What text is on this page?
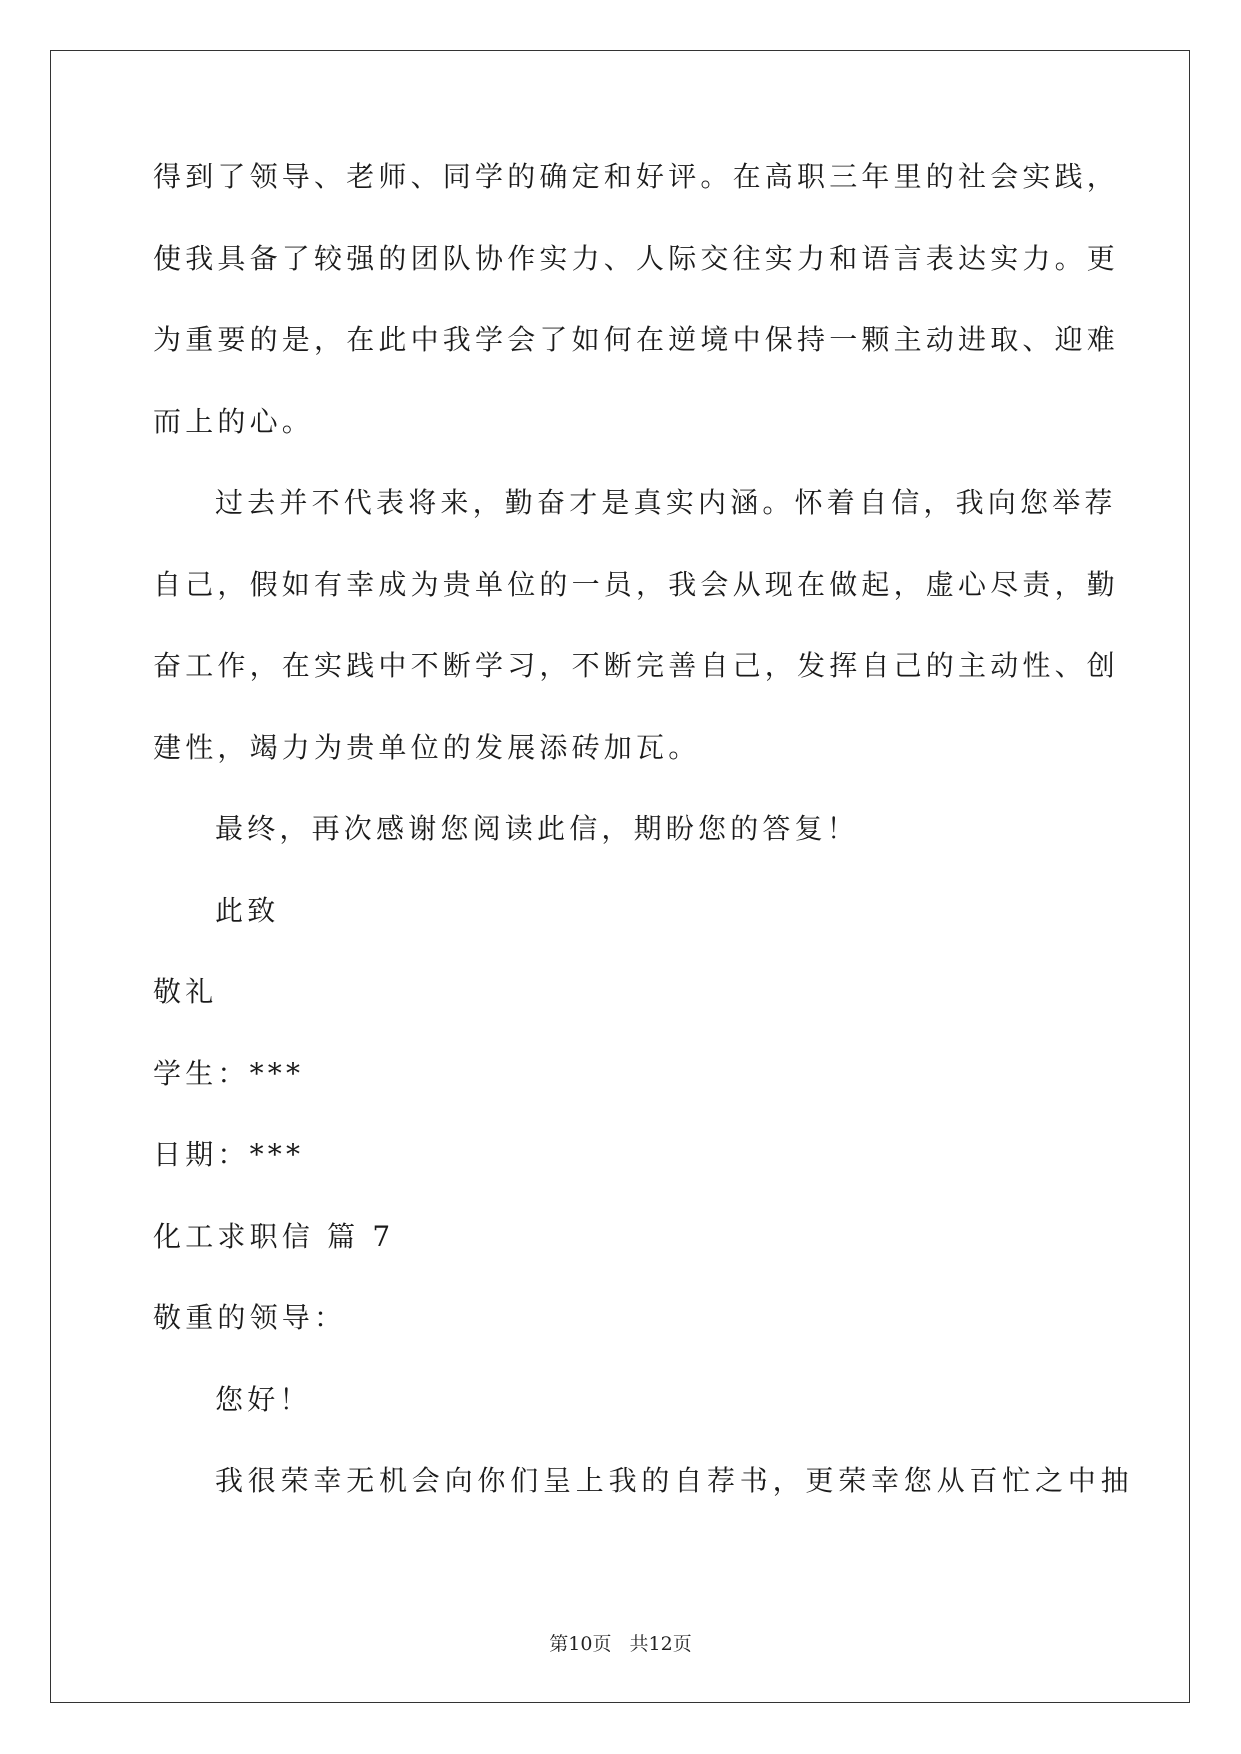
得到了领导、老师、同学的确定和好评。在高职三年里的社会实践，
使我具备了较强的团队协作实力、人际交往实力和语言表达实力。更
为重要的是，在此中我学会了如何在逆境中保持一颗主动进取、迎难
而上的心。
过去并不代表将来，勤奋才是真实内涵。怀着自信，我向您举荐
自己，假如有幸成为贵单位的一员，我会从现在做起，虚心尽责，勤
奋工作，在实践中不断学习，不断完善自己，发挥自己的主动性、创
建性，竭力为贵单位的发展添砖加瓦。
最终，再次感谢您阅读此信，期盼您的答复！
此致
敬礼
学生：***
日期：***
化工求职信 篇 7
敬重的领导：
您好！
我很荣幸无机会向你们呈上我的自荐书，更荣幸您从百忙之中抽
第10页 共12页
